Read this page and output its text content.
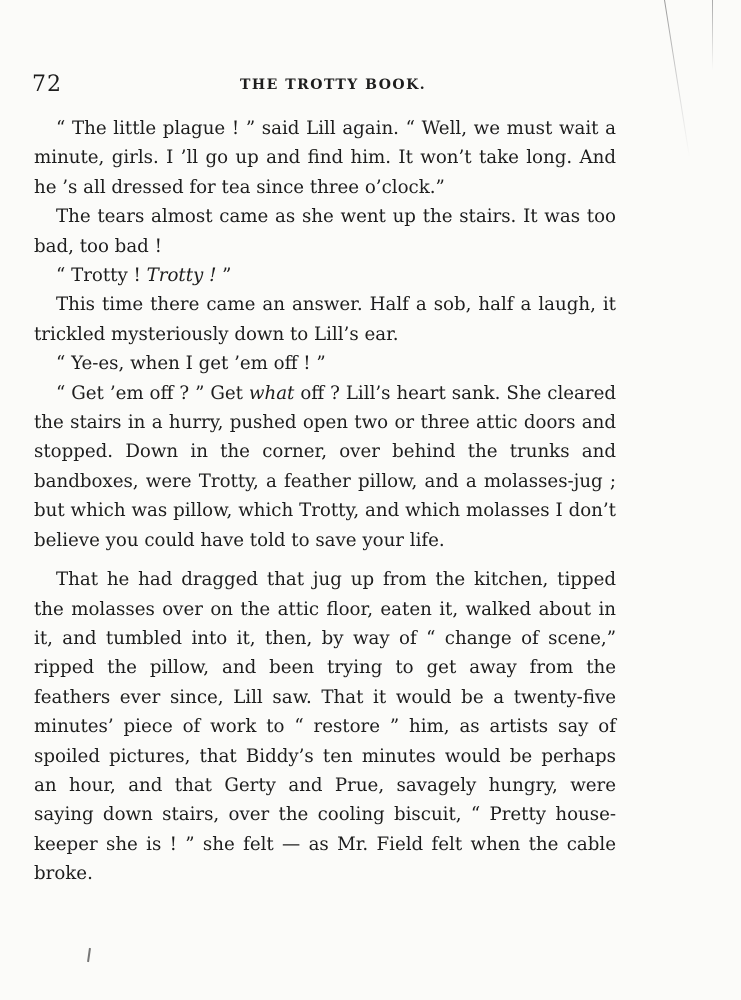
72	THE TROTTY BOOK.

“ The little plague ! ” said Lill again. “ Well, we must wait a minute, girls. I ’ll go up and find him. It won’t take long. And he ’s all dressed for tea since three o’clock.”

The tears almost came as she went up the stairs. It was too bad, too bad !

“ Trotty ! Trotty ! ”

This time there came an answer. Half a sob, half a laugh, it trickled mysteriously down to Lill’s ear.

“ Ye-es, when I get ’em off ! ”

“ Get ’em off ? ” Get what off ? Lill’s heart sank. She cleared the stairs in a hurry, pushed open two or three attic doors and stopped. Down in the corner, over behind the trunks and bandboxes, were Trotty, a feather pillow, and a molasses-jug ; but which was pillow, which Trotty, and which molasses I don’t believe you could have told to save your life.

That he had dragged that jug up from the kitchen, tipped the molasses over on the attic floor, eaten it, walked about in it, and tumbled into it, then, by way of “ change of scene,” ripped the pillow, and been trying to get away from the feathers ever since, Lill saw. That it would be a twenty-five minutes’ piece of work to “ restore ” him, as artists say of spoiled pictures, that Biddy’s ten minutes would be perhaps an hour, and that Gerty and Prue, savagely hungry, were saying down stairs, over the cooling biscuit, “ Pretty house-keeper she is ! ” she felt — as Mr. Field felt when the cable broke.
